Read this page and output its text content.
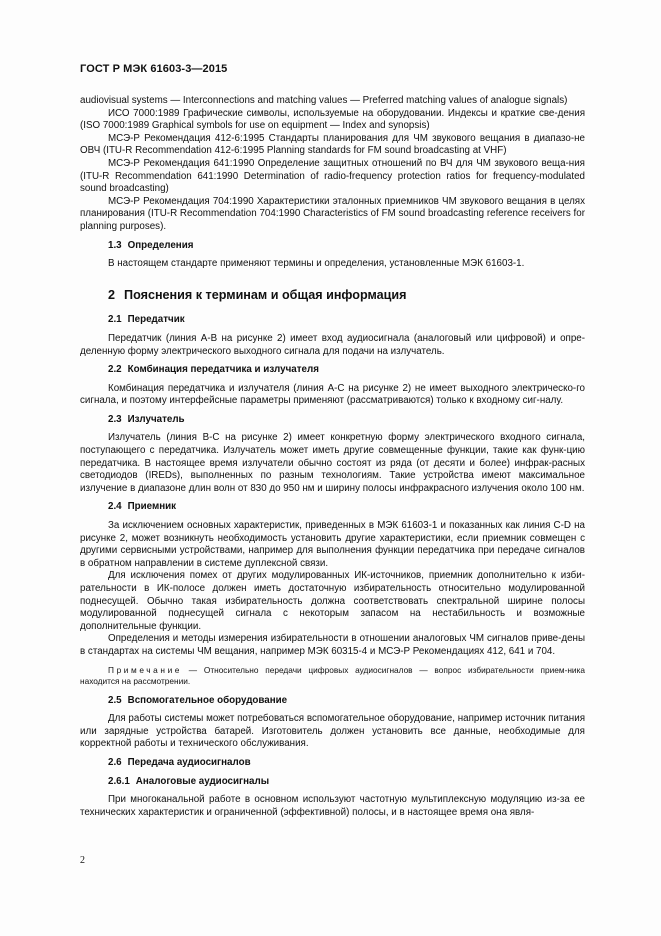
ГОСТ Р МЭК 61603-3—2015

audiovisual systems — Interconnections and matching values — Preferred matching values of analogue signals)

ИСО 7000:1989 Графические символы, используемые на оборудовании. Индексы и краткие све-дения (ISO 7000:1989 Graphical symbols for use on equipment — Index and synopsis)

МСЭ-Р Рекомендация 412-6:1995 Стандарты планирования для ЧМ звукового вещания в диапазо-не ОВЧ (ITU-R Recommendation 412-6:1995 Planning standards for FM sound broadcasting at VHF)

МСЭ-Р Рекомендация 641:1990 Определение защитных отношений по ВЧ для ЧМ звукового веща-ния (ITU-R Recommendation 641:1990 Determination of radio-frequency protection ratios for frequency-modulated sound broadcasting)

МСЭ-Р Рекомендация 704:1990 Характеристики эталонных приемников ЧМ звукового вещания в целях планирования (ITU-R Recommendation 704:1990 Characteristics of FM sound broadcasting reference receivers for planning purposes).

1.3 Определения

В настоящем стандарте применяют термины и определения, установленные МЭК 61603-1.

2 Пояснения к терминам и общая информация
2.1 Передатчик

Передатчик (линия А-В на рисунке 2) имеет вход аудиосигнала (аналоговый или цифровой) и опре-деленную форму электрического выходного сигнала для подачи на излучатель.

2.2 Комбинация передатчика и излучателя

Комбинация передатчика и излучателя (линия А-С на рисунке 2) не имеет выходного электрическо-го сигнала, и поэтому интерфейсные параметры применяют (рассматриваются) только к входному сиг-налу.

2.3 Излучатель

Излучатель (линия В-С на рисунке 2) имеет конкретную форму электрического входного сигнала, поступающего с передатчика. Излучатель может иметь другие совмещенные функции, такие как функ-цию передатчика. В настоящее время излучатели обычно состоят из ряда (от десяти и более) инфрак-расных светодиодов (IREDs), выполненных по разным технологиям. Такие устройства имеют максимальное излучение в диапазоне длин волн от 830 до 950 нм и ширину полосы инфракрасного излучения около 100 нм.

2.4 Приемник

За исключением основных характеристик, приведенных в МЭК 61603-1 и показанных как линия С-D на рисунке 2, может возникнуть необходимость установить другие характеристики, если приемник совмещен с другими сервисными устройствами, например для выполнения функции передатчика при передаче сигналов в обратном направлении в системе дуплексной связи.

Для исключения помех от других модулированных ИК-источников, приемник дополнительно к изби-рательности в ИК-полосе должен иметь достаточную избирательность относительно модулированной поднесущей. Обычно такая избирательность должна соответствовать спектральной ширине полосы модулированной поднесущей сигнала с некоторым запасом на нестабильность и возможные дополнительные функции.

Определения и методы измерения избирательности в отношении аналоговых ЧМ сигналов приве-дены в стандартах на системы ЧМ вещания, например МЭК 60315-4 и МСЭ-Р Рекомендациях 412, 641 и 704.

Примечание — Относительно передачи цифровых аудиосигналов — вопрос избирательности прием-ника находится на рассмотрении.

2.5 Вспомогательное оборудование

Для работы системы может потребоваться вспомогательное оборудование, например источник питания или зарядные устройства батарей. Изготовитель должен установить все данные, необходимые для корректной работы и технического обслуживания.

2.6 Передача аудиосигналов
2.6.1 Аналоговые аудиосигналы

При многоканальной работе в основном используют частотную мультиплексную модуляцию из-за ее технических характеристик и ограниченной (эффективной) полосы, и в настоящее время она явля-

2
